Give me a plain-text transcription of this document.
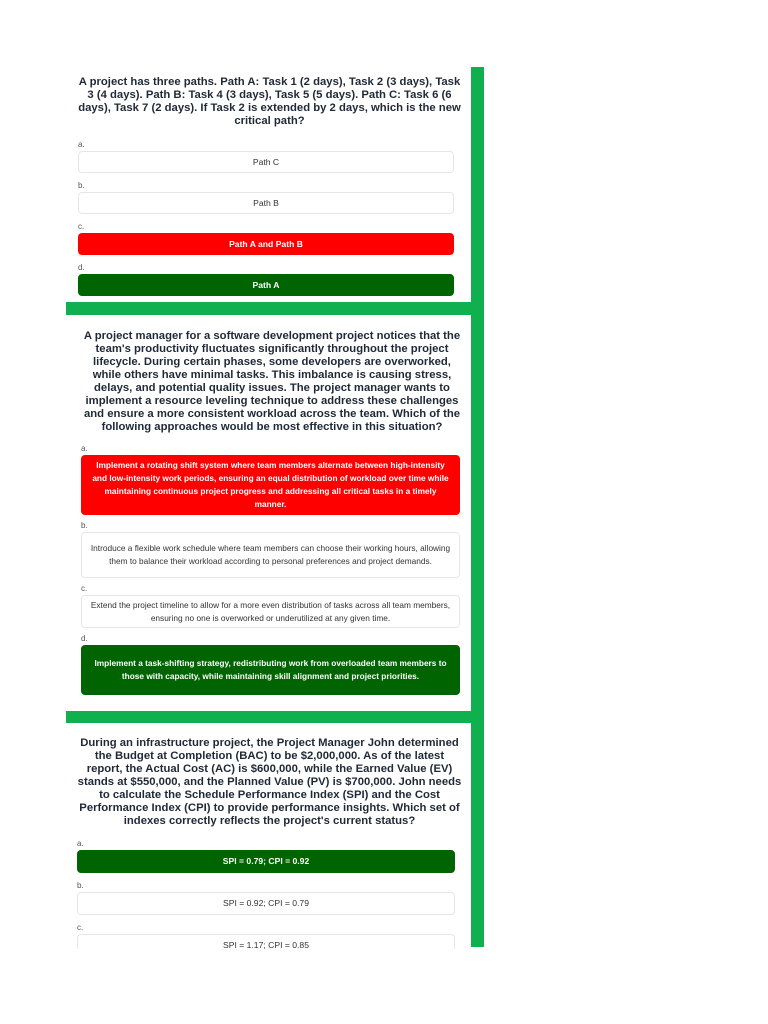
A project has three paths. Path A: Task 1 (2 days), Task 2 (3 days), Task 3 (4 days). Path B: Task 4 (3 days), Task 5 (5 days). Path C: Task 6 (6 days), Task 7 (2 days). If Task 2 is extended by 2 days, which is the new critical path?

a.

Path C

b.

Path B

c.

Path A and Path B

d.

Path A

A project manager for a software development project notices that the team's productivity fluctuates significantly throughout the project lifecycle. During certain phases, some developers are overworked, while others have minimal tasks. This imbalance is causing stress, delays, and potential quality issues. The project manager wants to implement a resource leveling technique to address these challenges and ensure a more consistent workload across the team. Which of the following approaches would be most effective in this situation?

a.

Implement a rotating shift system where team members alternate between high-intensity and low-intensity work periods, ensuring an equal distribution of workload over time while maintaining continuous project progress and addressing all critical tasks in a timely manner.

b.

Introduce a flexible work schedule where team members can choose their working hours, allowing them to balance their workload according to personal preferences and project demands.

c.

Extend the project timeline to allow for a more even distribution of tasks across all team members, ensuring no one is overworked or underutilized at any given time.

d.

Implement a task-shifting strategy, redistributing work from overloaded team members to those with capacity, while maintaining skill alignment and project priorities.

During an infrastructure project, the Project Manager John determined the Budget at Completion (BAC) to be $2,000,000. As of the latest report, the Actual Cost (AC) is $600,000, while the Earned Value (EV) stands at $550,000, and the Planned Value (PV) is $700,000. John needs to calculate the Schedule Performance Index (SPI) and the Cost Performance Index (CPI) to provide performance insights. Which set of indexes correctly reflects the project's current status?

a.

SPI = 0.79; CPI = 0.92

b.

SPI = 0.92; CPI = 0.79

c.

SPI = 1.17; CPI = 0.85
